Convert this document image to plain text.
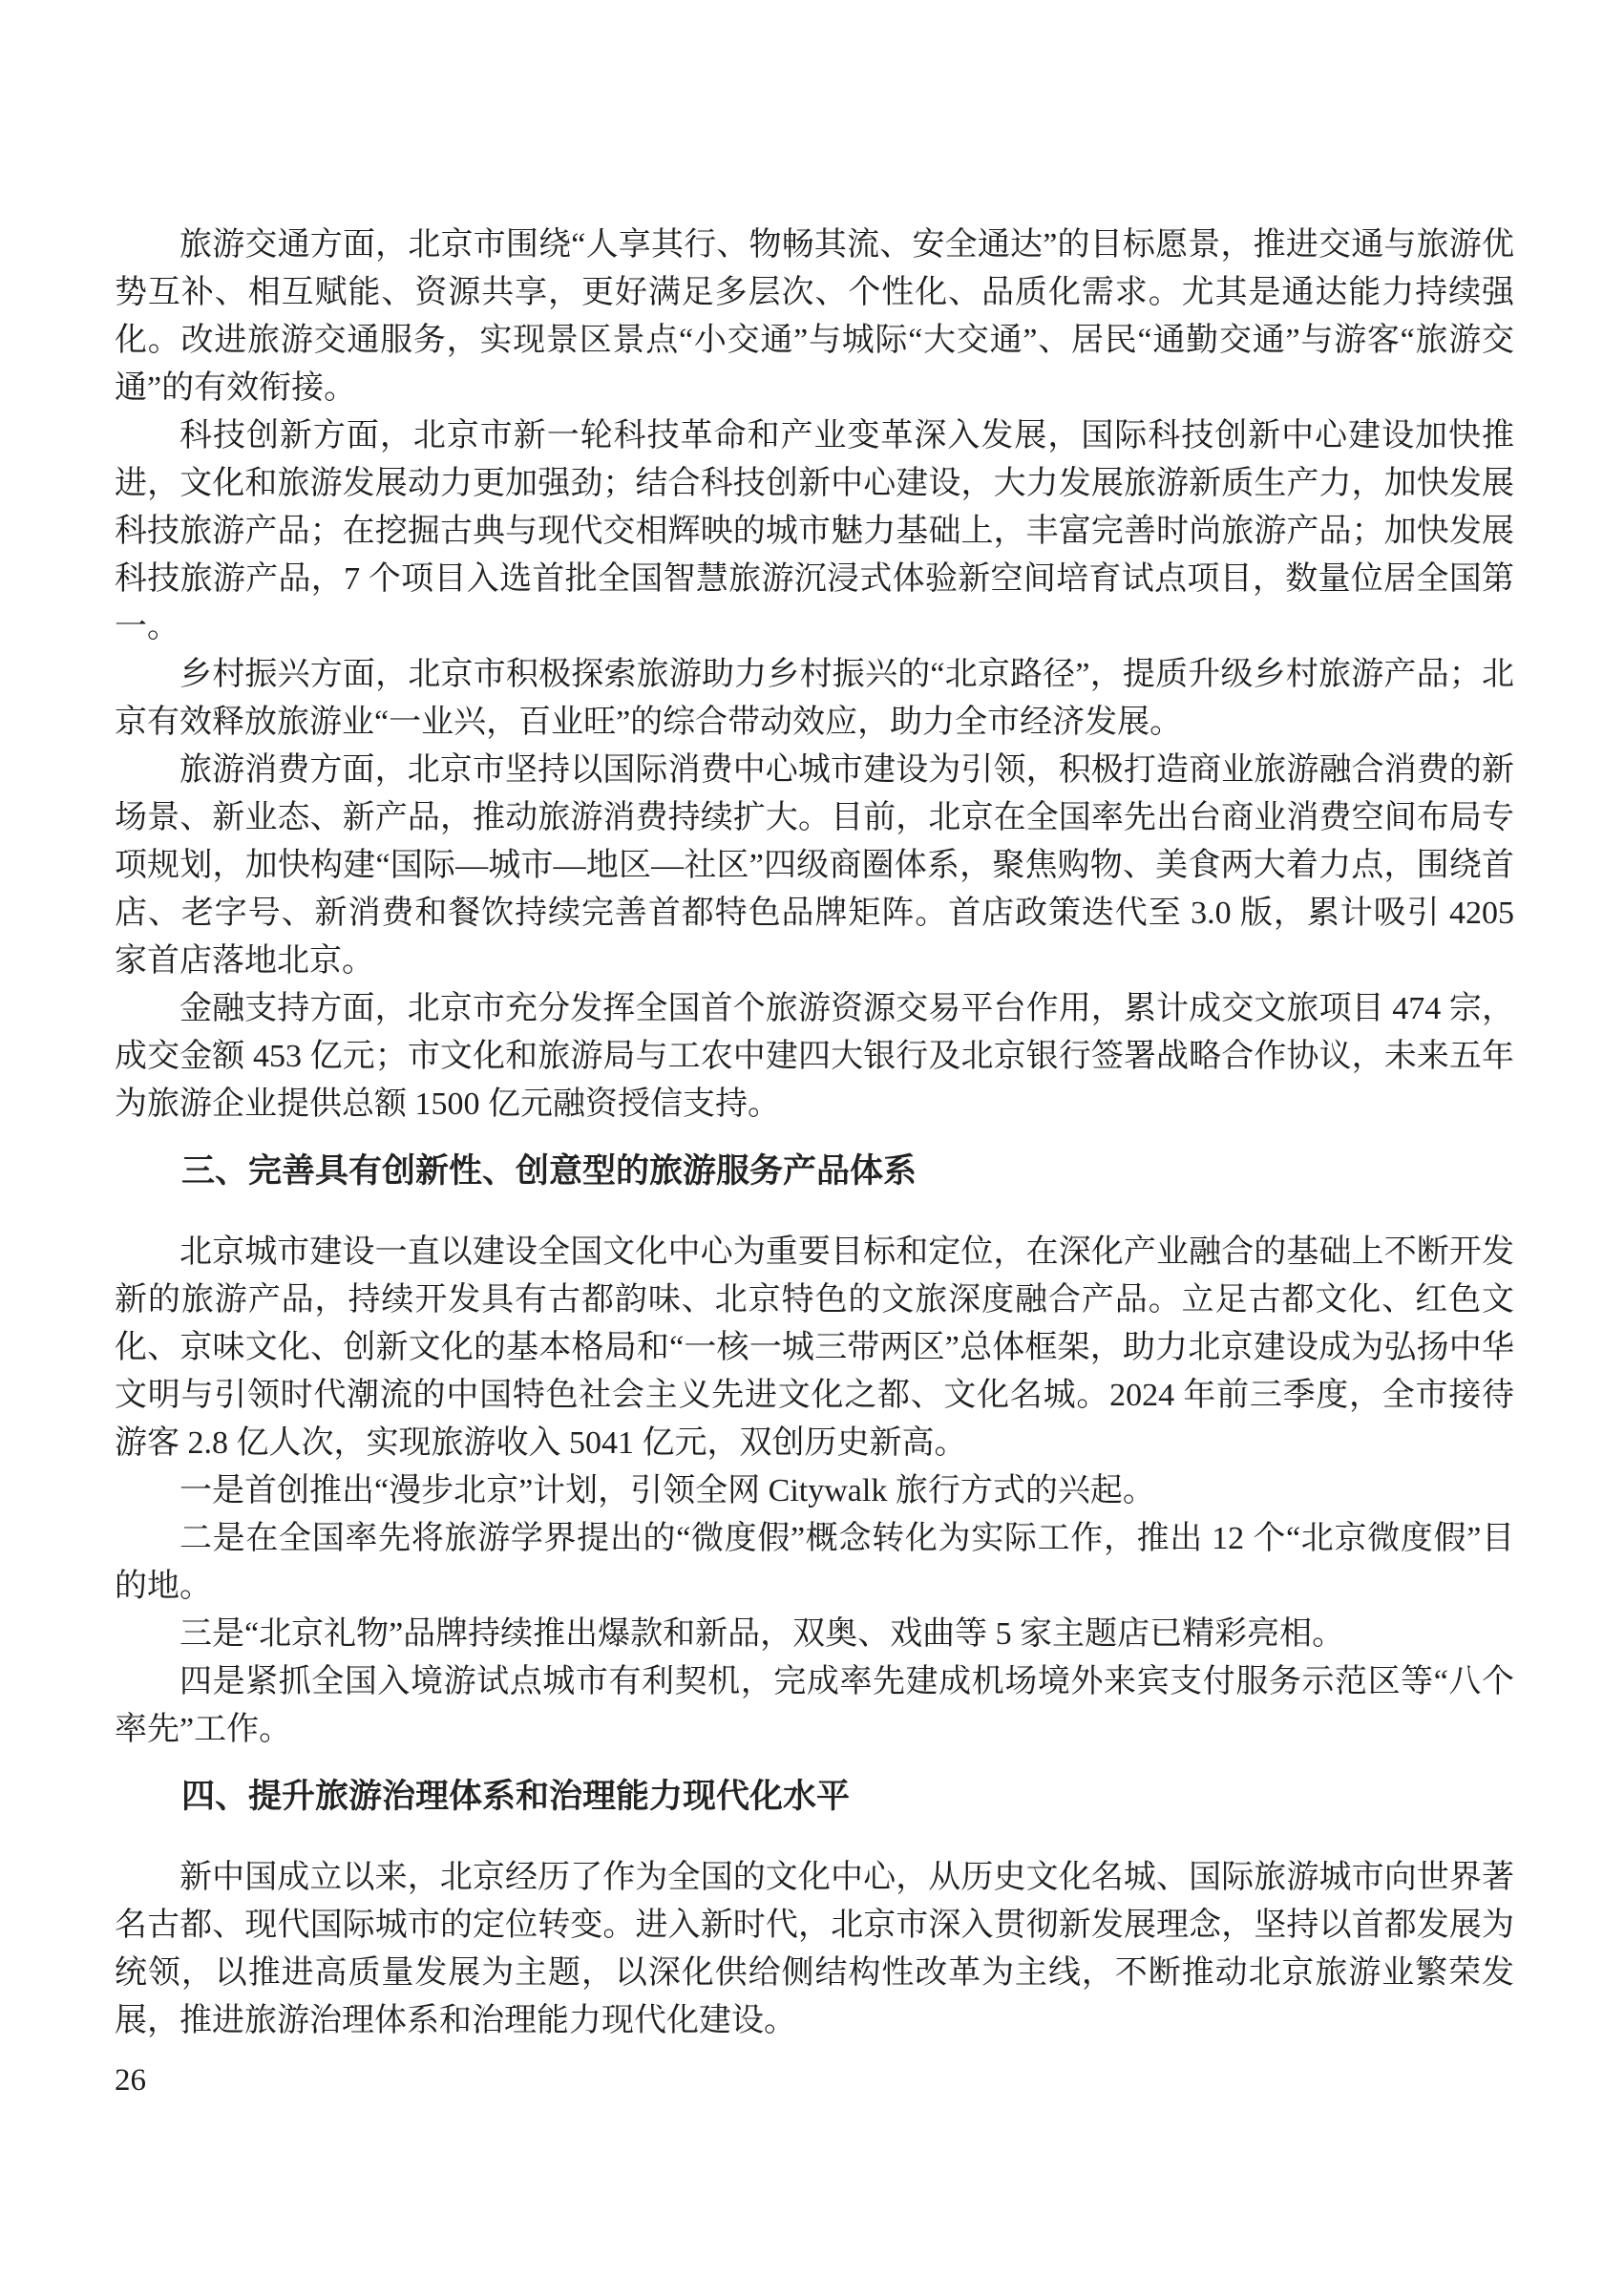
旅游交通方面，北京市围绕“人享其行、物畅其流、安全通达”的目标愿景，推进交通与旅游优势互补、相互赋能、资源共享，更好满足多层次、个性化、品质化需求。尤其是通达能力持续强化。改进旅游交通服务，实现景区景点“小交通”与城际“大交通”、居民“通勤交通”与游客“旅游交通”的有效衔接。

科技创新方面，北京市新一轮科技革命和产业变革深入发展，国际科技创新中心建设加快推进，文化和旅游发展动力更加强劲；结合科技创新中心建设，大力发展旅游新质生产力，加快发展科技旅游产品；在挖掘古典与现代交相辉映的城市魅力基础上，丰富完善时尚旅游产品；加快发展科技旅游产品，7 个项目入选首批全国智慧旅游沉浸式体验新空间培育试点项目，数量位居全国第一。

乡村振兴方面，北京市积极探索旅游助力乡村振兴的“北京路径”，提质升级乡村旅游产品；北京有效释放旅游业“一业兴，百业旺”的综合带动效应，助力全市经济发展。

旅游消费方面，北京市坚持以国际消费中心城市建设为引领，积极打造商业旅游融合消费的新场景、新业态、新产品，推动旅游消费持续扩大。目前，北京在全国率先出台商业消费空间布局专项规划，加快构建“国际—城市—地区—社区”四级商圈体系，聚焦购物、美食两大着力点，围绕首店、老字号、新消费和餐饮持续完善首都特色品牌矩阵。首店政策迭代至 3.0 版，累计吸引 4205 家首店落地北京。

金融支持方面，北京市充分发挥全国首个旅游资源交易平台作用，累计成交文旅项目 474 宗，成交金额 453 亿元；市文化和旅游局与工农中建四大银行及北京银行签署战略合作协议，未来五年为旅游企业提供总额 1500 亿元融资授信支持。

三、完善具有创新性、创意型的旅游服务产品体系

北京城市建设一直以建设全国文化中心为重要目标和定位，在深化产业融合的基础上不断开发新的旅游产品，持续开发具有古都韵味、北京特色的文旅深度融合产品。立足古都文化、红色文化、京味文化、创新文化的基本格局和“一核一城三带两区”总体框架，助力北京建设成为弘扬中华文明与引领时代潮流的中国特色社会主义先进文化之都、文化名城。2024 年前三季度，全市接待游客 2.8 亿人次，实现旅游收入 5041 亿元，双创历史新高。

一是首创推出“漫步北京”计划，引领全网 Citywalk 旅行方式的兴起。

二是在全国率先将旅游学界提出的“微度假”概念转化为实际工作，推出 12 个“北京微度假”目的地。

三是“北京礼物”品牌持续推出爆款和新品，双奥、戏曲等 5 家主题店已精彩亮相。

四是紧抓全国入境游试点城市有利契机，完成率先建成机场境外来宾支付服务示范区等“八个率先”工作。

四、提升旅游治理体系和治理能力现代化水平

新中国成立以来，北京经历了作为全国的文化中心，从历史文化名城、国际旅游城市向世界著名古都、现代国际城市的定位转变。进入新时代，北京市深入贯彻新发展理念，坚持以首都发展为统领，以推进高质量发展为主题，以深化供给侧结构性改革为主线，不断推动北京旅游业繁荣发展，推进旅游治理体系和治理能力现代化建设。

26
